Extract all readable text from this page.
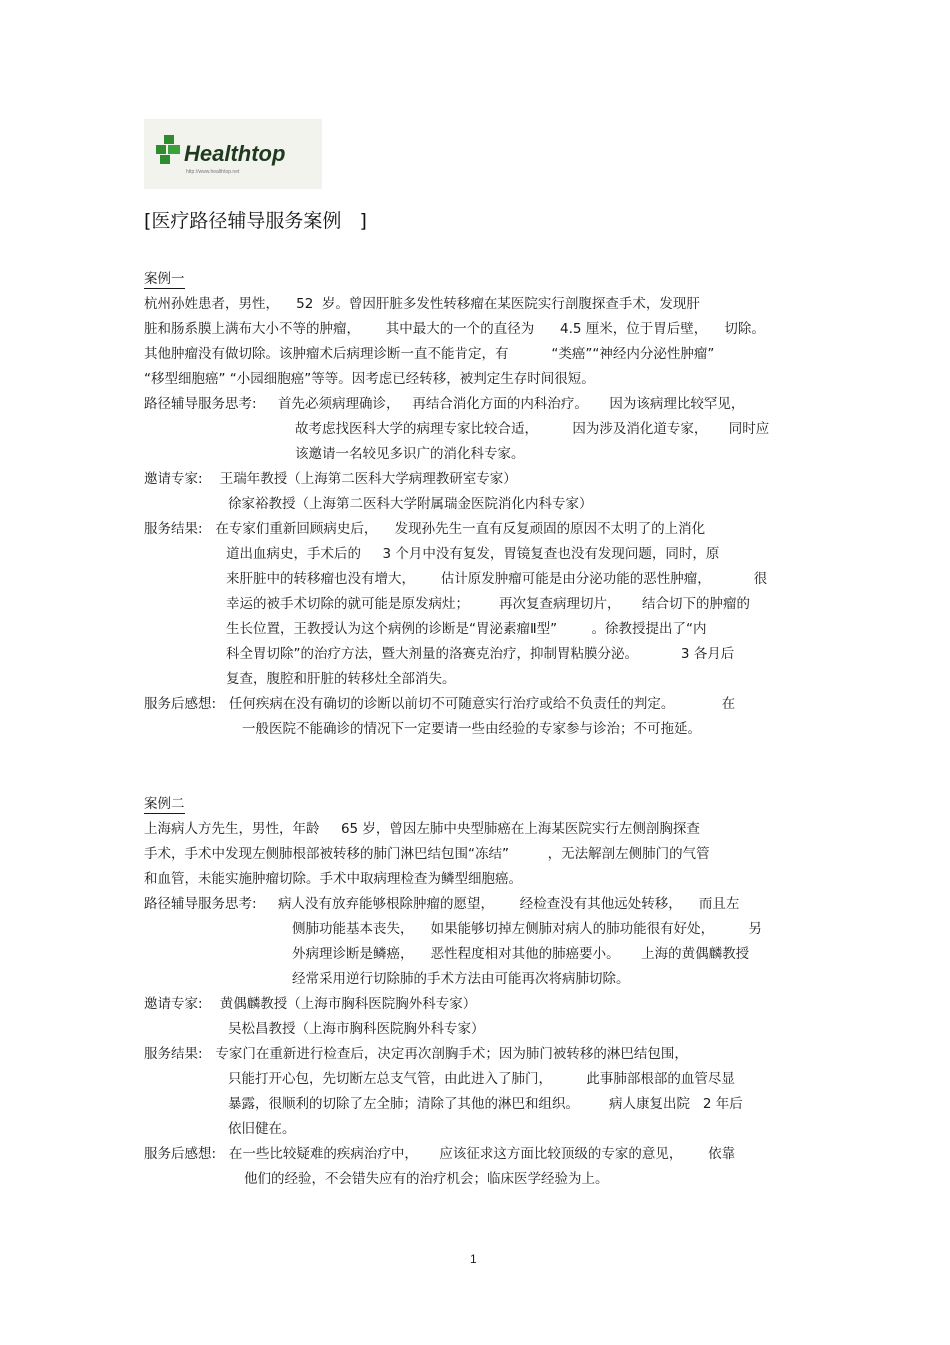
Healthtop
http://www.healthtop.net
[医疗路径辅导服务案例   ]
案例一
杭州孙姓患者，男性，    52  岁。曾因肝脏多发性转移瘤在某医院实行剖腹探查手术，发现肝
脏和肠系膜上满布大小不等的肿瘤，      其中最大的一个的直径为      4.5 厘米，位于胃后壁，    切除。
其他肿瘤没有做切除。该肿瘤术后病理诊断一直不能肯定，有          “类癌”“神经内分泌性肿瘤”
“移型细胞癌” “小园细胞癌”等等。因考虑已经转移，被判定生存时间很短。
路径辅导服务思考:     首先必须病理确诊，   再结合消化方面的内科治疗。     因为该病理比较罕见，
故考虑找医科大学的病理专家比较合适，        因为涉及消化道专家，     同时应
该邀请一名较见多识广的消化科专家。
邀请专家:    王瑞年教授（上海第二医科大学病理教研室专家）
徐家裕教授（上海第二医科大学附属瑞金医院消化内科专家）
服务结果:   在专家们重新回顾病史后，    发现孙先生一直有反复顽固的原因不太明了的上消化
道出血病史，手术后的     3 个月中没有复发，胃镜复查也没有发现问题，同时，原
来肝脏中的转移瘤也没有增大，      估计原发肿瘤可能是由分泌功能的恶性肿瘤，          很
幸运的被手术切除的就可能是原发病灶；       再次复查病理切片，     结合切下的肿瘤的
生长位置，王教授认为这个病例的诊断是“胃泌素瘤Ⅱ型”        。徐教授提出了“内
科全胃切除”的治疗方法，暨大剂量的洛赛克治疗，抑制胃粘膜分泌。          3 各月后
复查，腹腔和肝脏的转移灶全部消失。
服务后感想:   任何疾病在没有确切的诊断以前切不可随意实行治疗或给不负责任的判定。           在
一般医院不能确诊的情况下一定要请一些由经验的专家参与诊治；不可拖延。
案例二
上海病人方先生，男性，年龄     65 岁，曾因左肺中央型肺癌在上海某医院实行左侧剖胸探查
手术，手术中发现左侧肺根部被转移的肺门淋巴结包围“冻结”         ，无法解剖左侧肺门的气管
和血管，未能实施肿瘤切除。手术中取病理检查为鳞型细胞癌。
路径辅导服务思考:     病人没有放弃能够根除肿瘤的愿望，      经检查没有其他远处转移，    而且左
侧肺功能基本丧失，    如果能够切掉左侧肺对病人的肺功能很有好处，        另
外病理诊断是鳞癌，    恶性程度相对其他的肺癌要小。     上海的黄偶麟教授
经常采用逆行切除肺的手术方法由可能再次将病肺切除。
邀请专家:    黄偶麟教授（上海市胸科医院胸外科专家）
吴松昌教授（上海市胸科医院胸外科专家）
服务结果:   专家门在重新进行检查后，决定再次剖胸手术；因为肺门被转移的淋巴结包围，
只能打开心包，先切断左总支气管，由此进入了肺门，        此事肺部根部的血管尽显
暴露，很顺利的切除了左全肺；清除了其他的淋巴和组织。       病人康复出院   2 年后
依旧健在。
服务后感想:   在一些比较疑难的疾病治疗中，     应该征求这方面比较顶级的专家的意见，      依靠
他们的经验，不会错失应有的治疗机会；临床医学经验为上。
1
